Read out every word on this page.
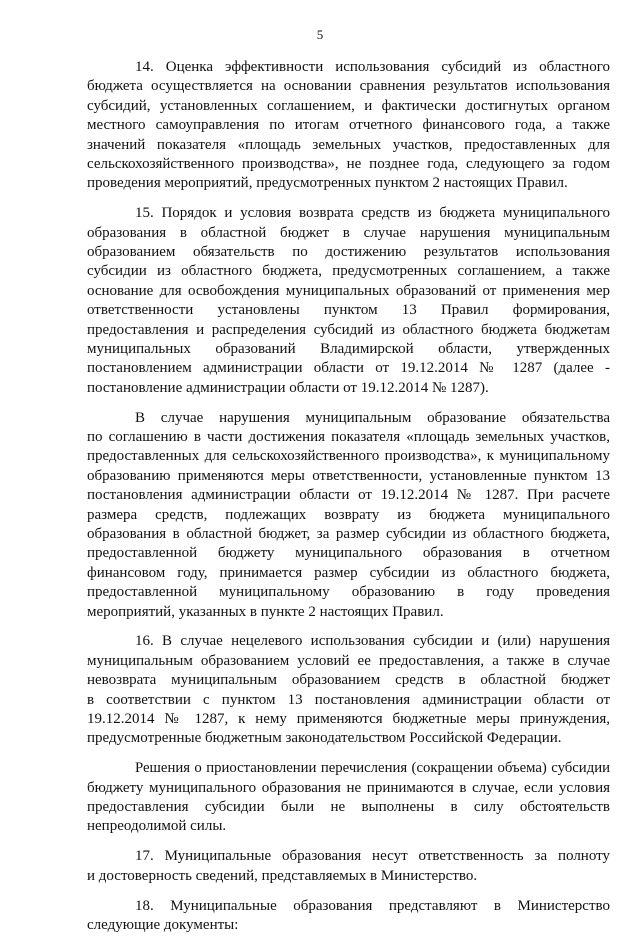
5
14. Оценка эффективности использования субсидий из областного
бюджета осуществляется на основании сравнения результатов использования
субсидий, установленных соглашением, и фактически достигнутых органом
местного самоуправления по итогам отчетного финансового года, а также
значений показателя «площадь земельных участков, предоставленных для
сельскохозяйственного производства», не позднее года, следующего за годом
проведения мероприятий, предусмотренных пунктом 2 настоящих Правил.
15. Порядок и условия возврата средств из бюджета муниципального
образования в областной бюджет в случае нарушения муниципальным
образованием обязательств по достижению результатов использования
субсидии из областного бюджета, предусмотренных соглашением, а также
основание для освобождения муниципальных образований от применения мер
ответственности установлены пунктом 13 Правил формирования,
предоставления и распределения субсидий из областного бюджета бюджетам
муниципальных образований Владимирской области, утвержденных
постановлением администрации области от 19.12.2014 № 1287 (далее -
постановление администрации области от 19.12.2014 № 1287).
В случае нарушения муниципальным образование обязательства
по соглашению в части достижения показателя «площадь земельных участков,
предоставленных для сельскохозяйственного производства», к муниципальному
образованию применяются меры ответственности, установленные пунктом 13
постановления администрации области от 19.12.2014 № 1287. При расчете
размера средств, подлежащих возврату из бюджета муниципального
образования в областной бюджет, за размер субсидии из областного бюджета,
предоставленной бюджету муниципального образования в отчетном
финансовом году, принимается размер субсидии из областного бюджета,
предоставленной муниципальному образованию в году проведения
мероприятий, указанных в пункте 2 настоящих Правил.
16. В случае нецелевого использования субсидии и (или) нарушения
муниципальным образованием условий ее предоставления, а также в случае
невозврата муниципальным образованием средств в областной бюджет
в соответствии с пунктом 13 постановления администрации области от
19.12.2014 № 1287, к нему применяются бюджетные меры принуждения,
предусмотренные бюджетным законодательством Российской Федерации.
Решения о приостановлении перечисления (сокращении объема) субсидии
бюджету муниципального образования не принимаются в случае, если условия
предоставления субсидии были не выполнены в силу обстоятельств
непреодолимой силы.
17. Муниципальные образования несут ответственность за полноту
и достоверность сведений, представляемых в Министерство.
18. Муниципальные образования представляют в Министерство
следующие документы:
